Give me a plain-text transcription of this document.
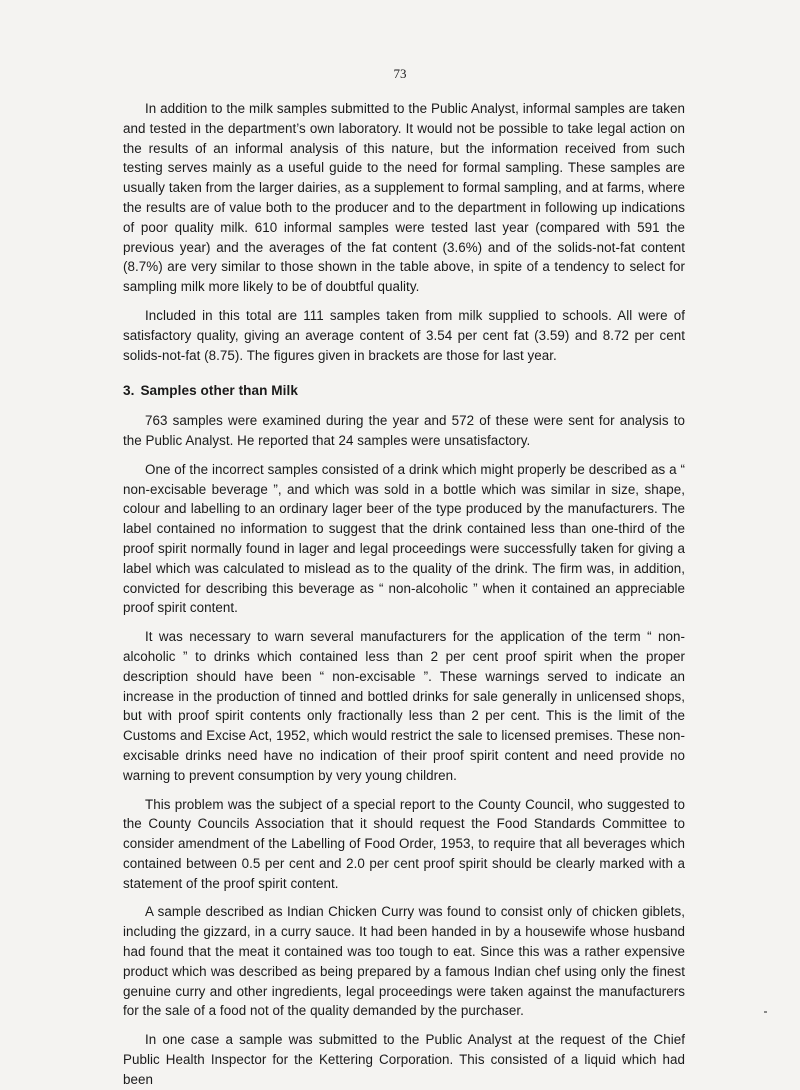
73

In addition to the milk samples submitted to the Public Analyst, informal samples are taken and tested in the department’s own laboratory. It would not be possible to take legal action on the results of an informal analysis of this nature, but the information received from such testing serves mainly as a useful guide to the need for formal sampling. These samples are usually taken from the larger dairies, as a supplement to formal sampling, and at farms, where the results are of value both to the producer and to the department in following up indications of poor quality milk. 610 informal samples were tested last year (compared with 591 the previous year) and the averages of the fat content (3.6%) and of the solids-not-fat content (8.7%) are very similar to those shown in the table above, in spite of a tendency to select for sampling milk more likely to be of doubtful quality.

Included in this total are 111 samples taken from milk supplied to schools. All were of satisfactory quality, giving an average content of 3.54 per cent fat (3.59) and 8.72 per cent solids-not-fat (8.75). The figures given in brackets are those for last year.

3. Samples other than Milk

763 samples were examined during the year and 572 of these were sent for analysis to the Public Analyst. He reported that 24 samples were unsatisfactory.

One of the incorrect samples consisted of a drink which might properly be described as a “ non-excisable beverage ”, and which was sold in a bottle which was similar in size, shape, colour and labelling to an ordinary lager beer of the type produced by the manufacturers. The label contained no information to suggest that the drink contained less than one-third of the proof spirit normally found in lager and legal proceedings were successfully taken for giving a label which was calculated to mislead as to the quality of the drink. The firm was, in addition, convicted for describing this beverage as “ non-alcoholic ” when it contained an appreciable proof spirit content.

It was necessary to warn several manufacturers for the application of the term “ non-alcoholic ” to drinks which contained less than 2 per cent proof spirit when the proper description should have been “ non-excisable ”. These warnings served to indicate an increase in the production of tinned and bottled drinks for sale generally in unlicensed shops, but with proof spirit contents only fractionally less than 2 per cent. This is the limit of the Customs and Excise Act, 1952, which would restrict the sale to licensed premises. These non-excisable drinks need have no indication of their proof spirit content and need provide no warning to prevent consumption by very young children.

This problem was the subject of a special report to the County Council, who suggested to the County Councils Association that it should request the Food Standards Committee to consider amendment of the Labelling of Food Order, 1953, to require that all beverages which contained between 0.5 per cent and 2.0 per cent proof spirit should be clearly marked with a statement of the proof spirit content.

A sample described as Indian Chicken Curry was found to consist only of chicken giblets, including the gizzard, in a curry sauce. It had been handed in by a housewife whose husband had found that the meat it contained was too tough to eat. Since this was a rather expensive product which was described as being prepared by a famous Indian chef using only the finest genuine curry and other ingredients, legal proceedings were taken against the manufacturers for the sale of a food not of the quality demanded by the purchaser.

In one case a sample was submitted to the Public Analyst at the request of the Chief Public Health Inspector for the Kettering Corporation. This consisted of a liquid which had been
